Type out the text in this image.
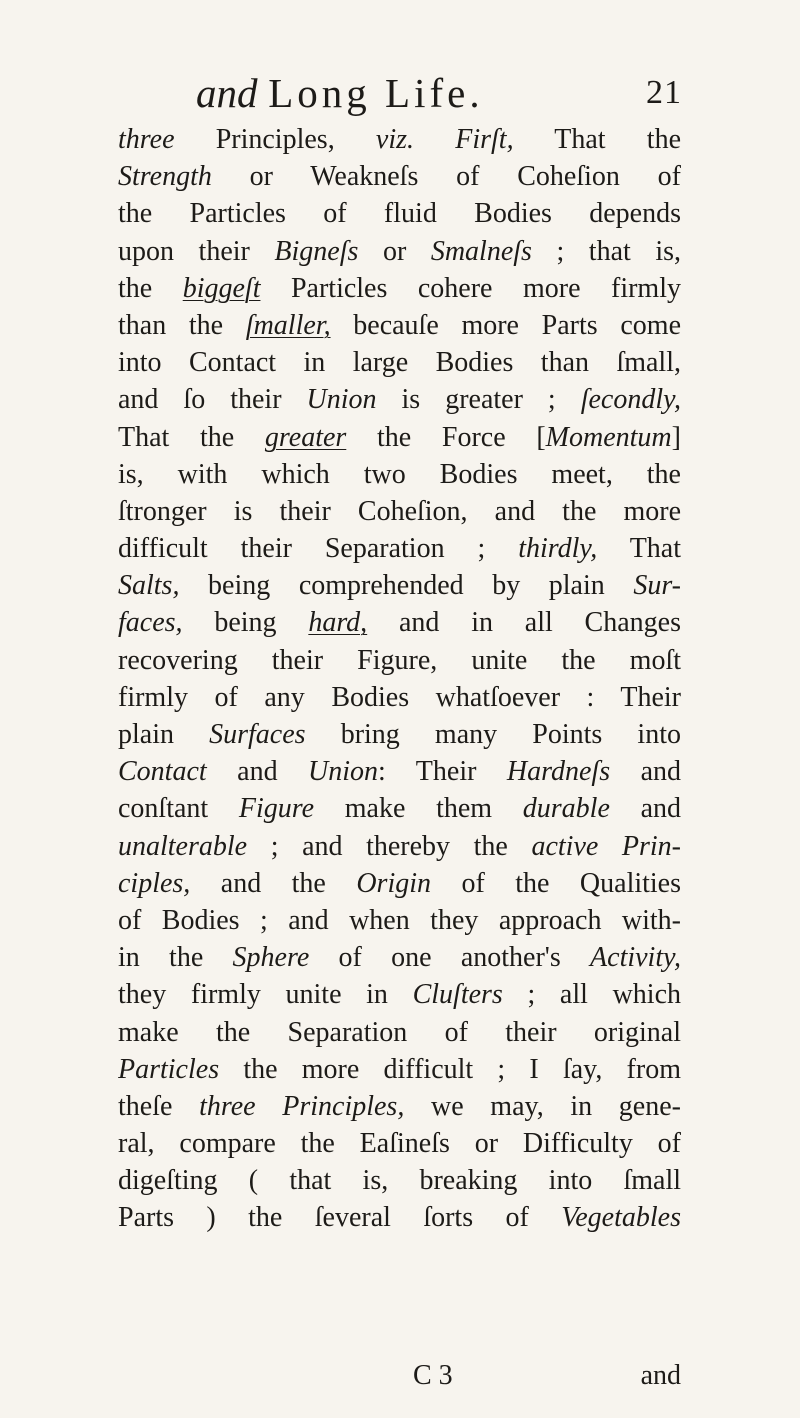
and Long Life.	21
three Principles, viz. Firſt, That the
Strength or Weakneſs of Coheſion of
the Particles of fluid Bodies depends
upon their Bigneſs or Smalneſs ; that is,
the biggeſt Particles cohere more firmly
than the ſmaller, becauſe more Parts come
into Contact in large Bodies than ſmall,
and ſo their Union is greater ; ſecondly,
That the greater the Force [Momentum]
is, with which two Bodies meet, the
ſtronger is their Coheſion, and the more
difficult their Separation ; thirdly, That
Salts, being comprehended by plain Sur-
faces, being hard, and in all Changes
recovering their Figure, unite the moſt
firmly of any Bodies whatſoever : Their
plain Surfaces bring many Points into
Contact and Union: Their Hardneſs and
conſtant Figure make them durable and
unalterable ; and thereby the active Prin-
ciples, and the Origin of the Qualities
of Bodies ; and when they approach with-
in the Sphere of one another's Activity,
they firmly unite in Cluſters ; all which
make the Separation of their original
Particles the more difficult ; I ſay, from
theſe three Principles, we may, in gene-
ral, compare the Eaſineſs or Difficulty of
digeſting ( that is, breaking into ſmall
Parts ) the ſeveral ſorts of Vegetables
C 3	and
